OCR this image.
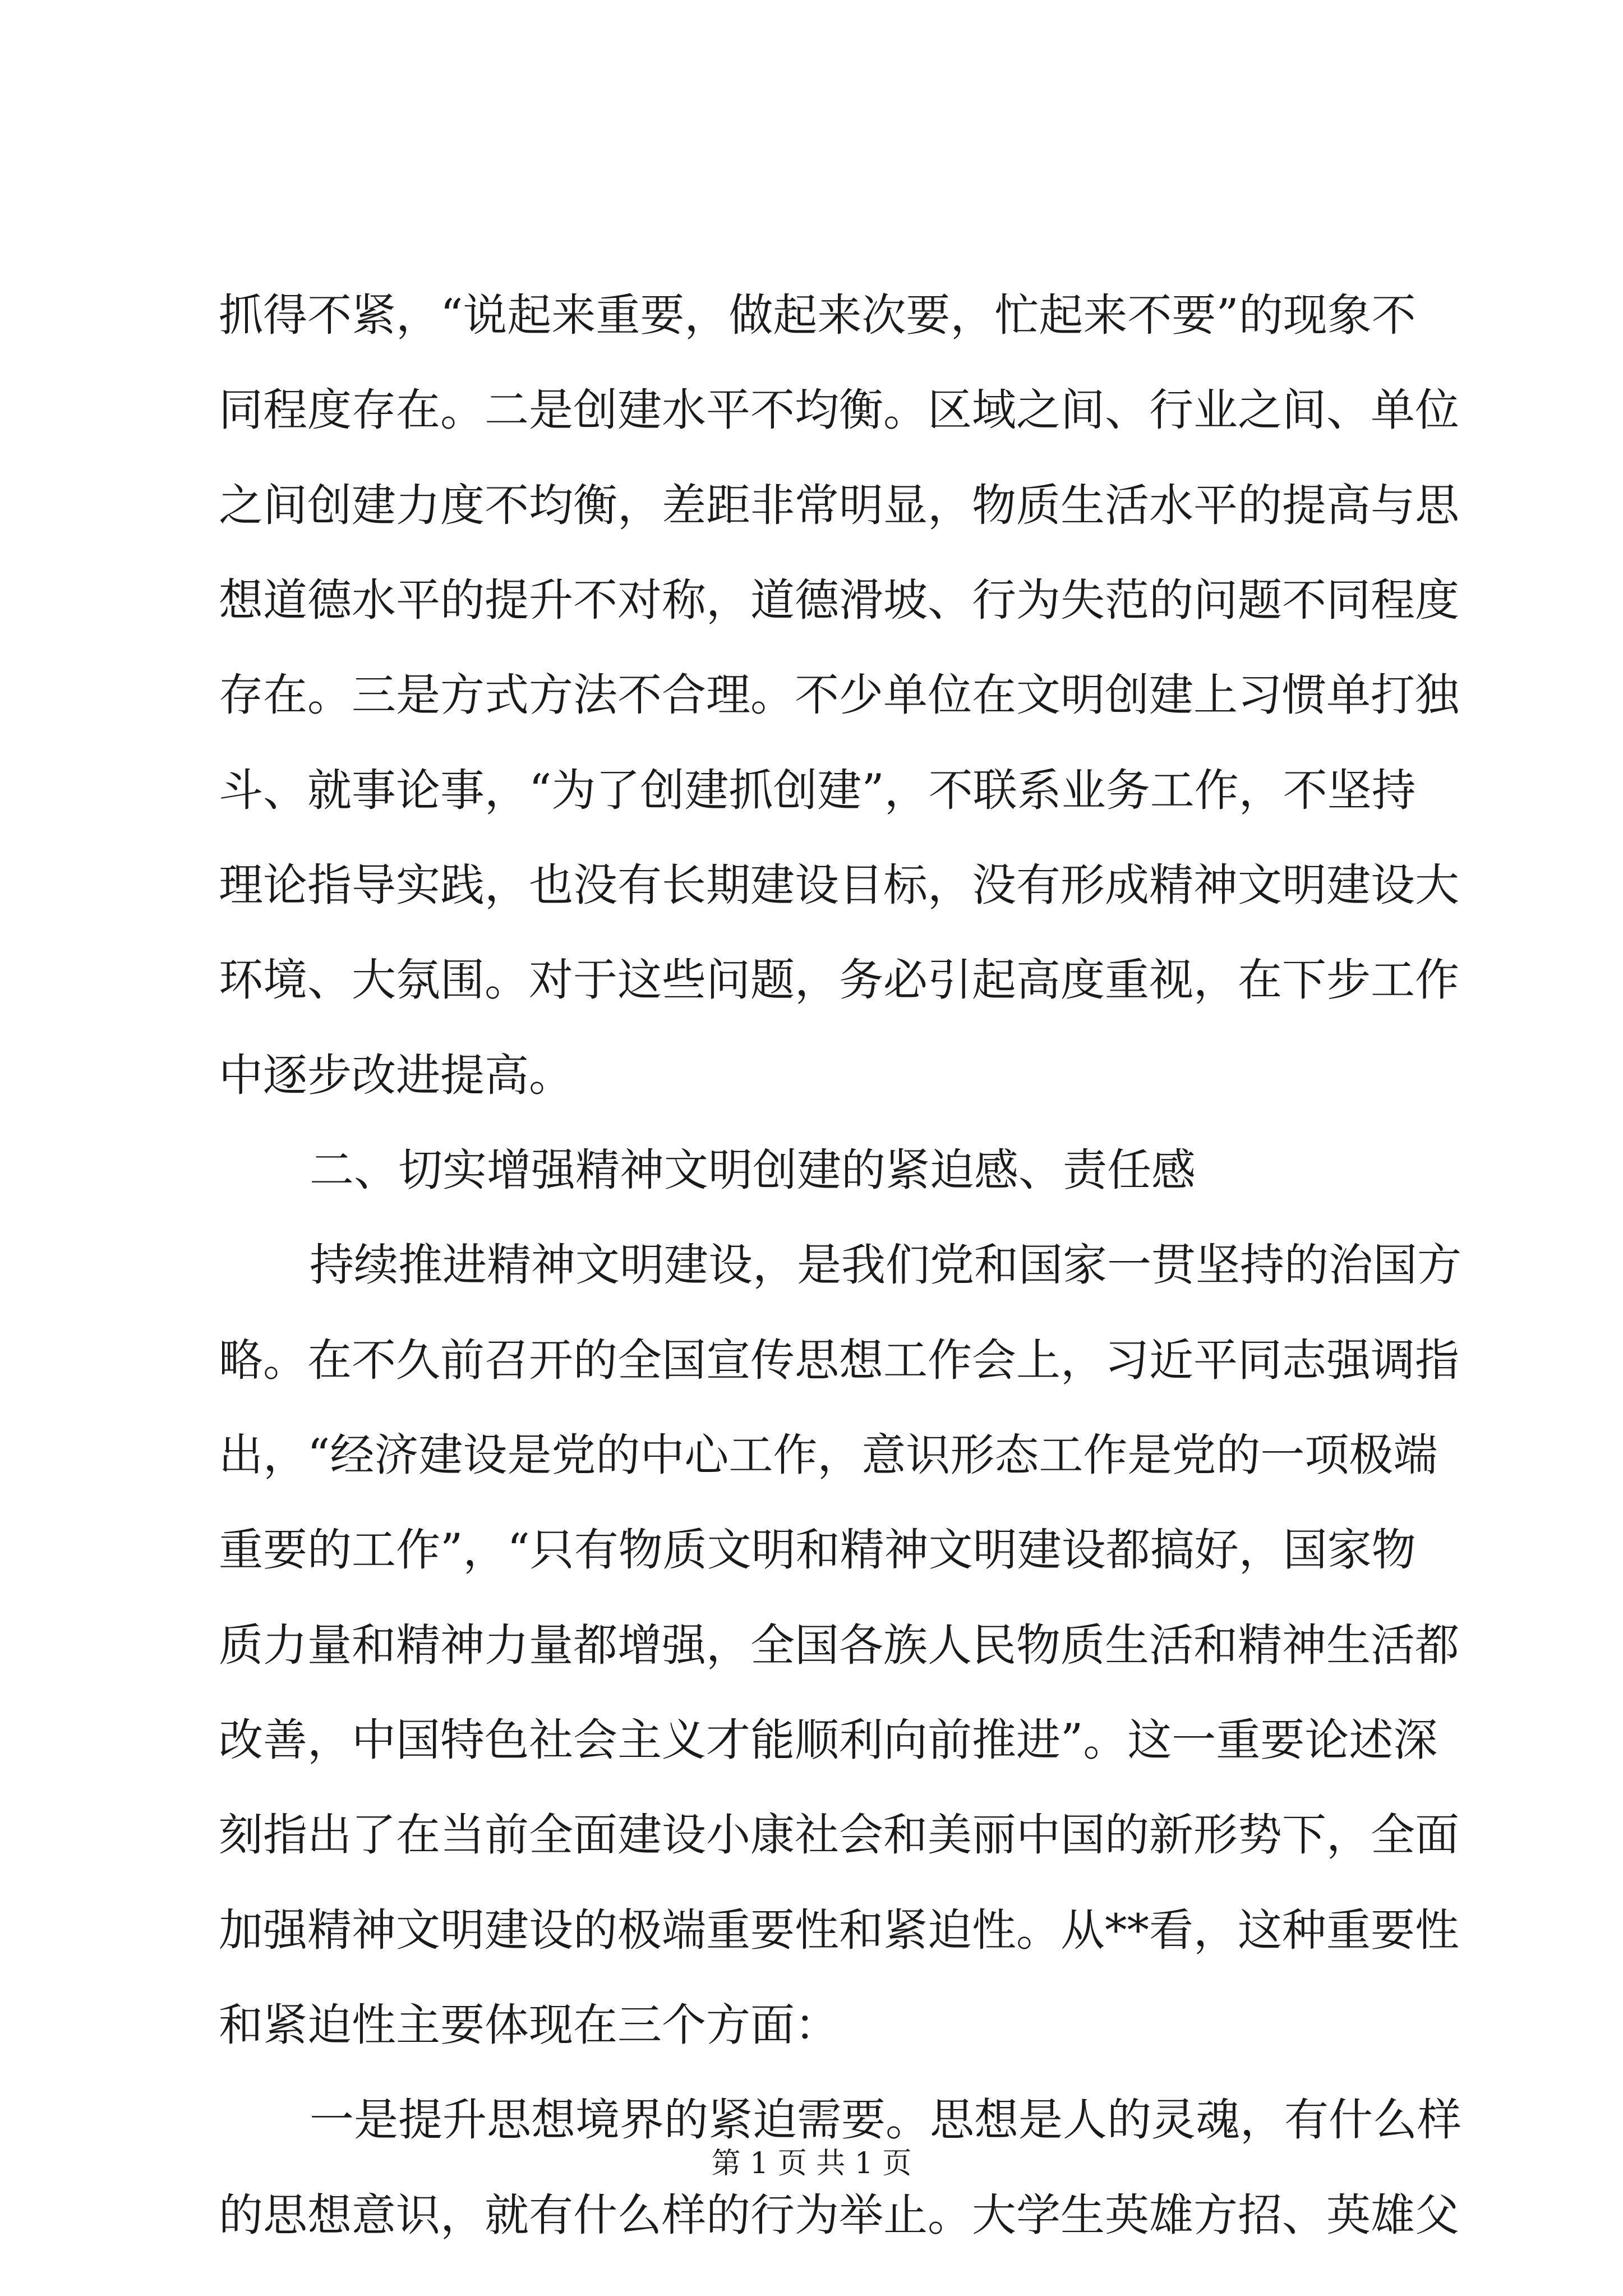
抓得不紧，“说起来重要，做起来次要，忙起来不要”的现象不

同程度存在。二是创建水平不均衡。区域之间、行业之间、单位

之间创建力度不均衡，差距非常明显，物质生活水平的提高与思

想道德水平的提升不对称，道德滑坡、行为失范的问题不同程度

存在。三是方式方法不合理。不少单位在文明创建上习惯单打独

斗、就事论事，“为了创建抓创建”，不联系业务工作，不坚持

理论指导实践，也没有长期建设目标，没有形成精神文明建设大

环境、大氛围。对于这些问题，务必引起高度重视，在下步工作

中逐步改进提高。

二、切实增强精神文明创建的紧迫感、责任感

持续推进精神文明建设，是我们党和国家一贯坚持的治国方

略。在不久前召开的全国宣传思想工作会上，习近平同志强调指

出，“经济建设是党的中心工作，意识形态工作是党的一项极端

重要的工作”，“只有物质文明和精神文明建设都搞好，国家物

质力量和精神力量都增强，全国各族人民物质生活和精神生活都

改善，中国特色社会主义才能顺利向前推进”。这一重要论述深

刻指出了在当前全面建设小康社会和美丽中国的新形势下，全面

加强精神文明建设的极端重要性和紧迫性。从**看，这种重要性

和紧迫性主要体现在三个方面：

一是提升思想境界的紧迫需要。思想是人的灵魂，有什么样

的思想意识，就有什么样的行为举止。大学生英雄方招、英雄父

第 1 页 共 1 页
